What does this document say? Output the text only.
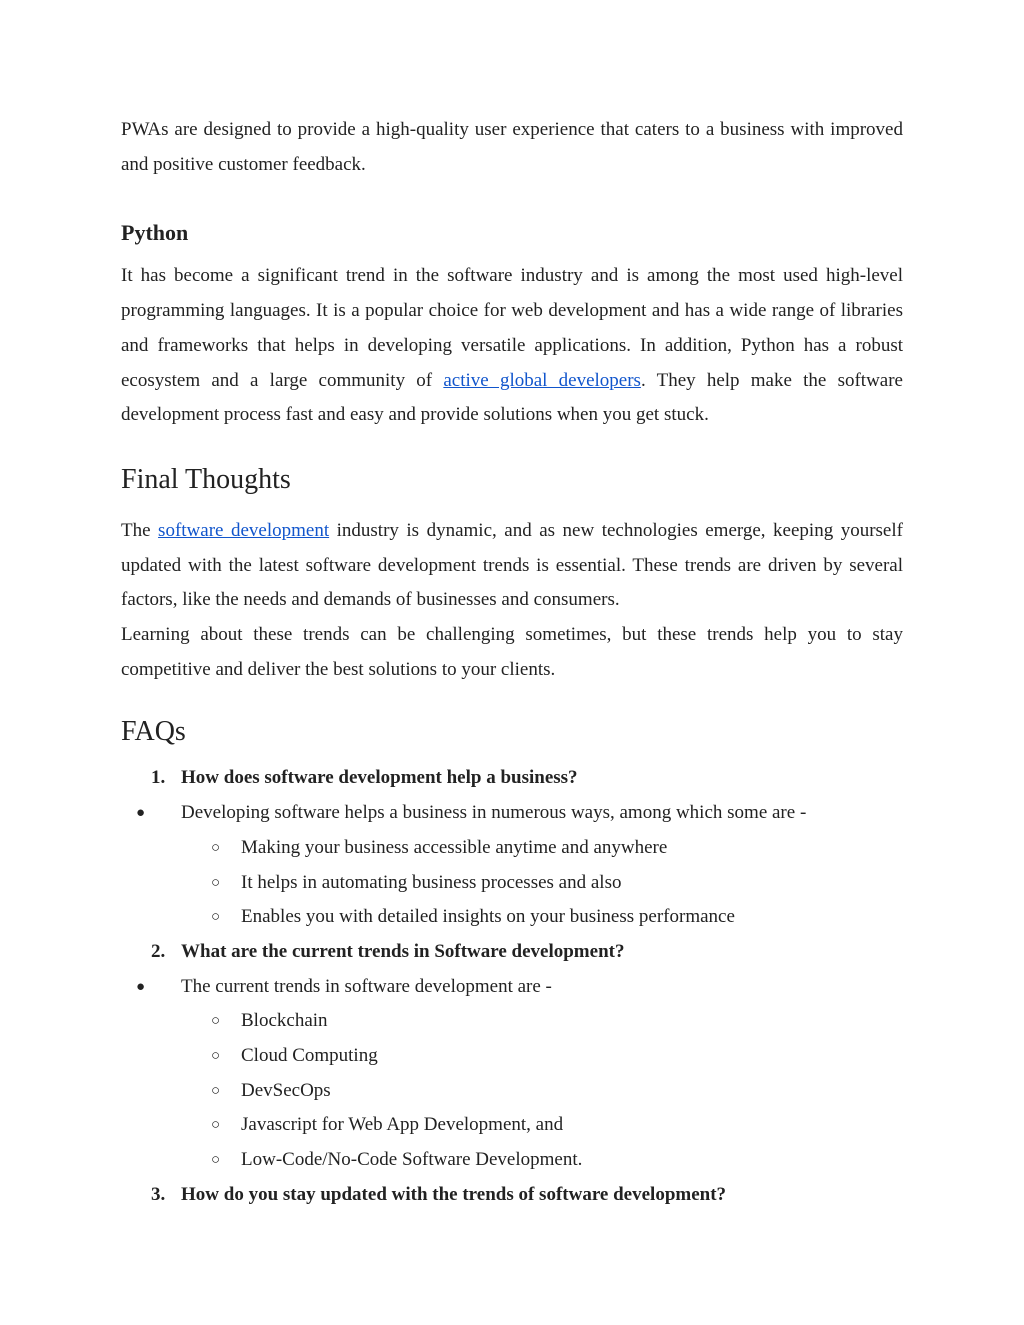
PWAs are designed to provide a high-quality user experience that caters to a business with improved and positive customer feedback.

Python

It has become a significant trend in the software industry and is among the most used high-level programming languages. It is a popular choice for web development and has a wide range of libraries and frameworks that helps in developing versatile applications. In addition, Python has a robust ecosystem and a large community of active global developers. They help make the software development process fast and easy and provide solutions when you get stuck.

Final Thoughts

The software development industry is dynamic, and as new technologies emerge, keeping yourself updated with the latest software development trends is essential. These trends are driven by several factors, like the needs and demands of businesses and consumers.

Learning about these trends can be challenging sometimes, but these trends help you to stay competitive and deliver the best solutions to your clients.

FAQs
1. How does software development help a business?
● Developing software helps a business in numerous ways, among which some are -
○ Making your business accessible anytime and anywhere
○ It helps in automating business processes and also
○ Enables you with detailed insights on your business performance
2. What are the current trends in Software development?
● The current trends in software development are -
○ Blockchain
○ Cloud Computing
○ DevSecOps
○ Javascript for Web App Development, and
○ Low-Code/No-Code Software Development.
3. How do you stay updated with the trends of software development?
